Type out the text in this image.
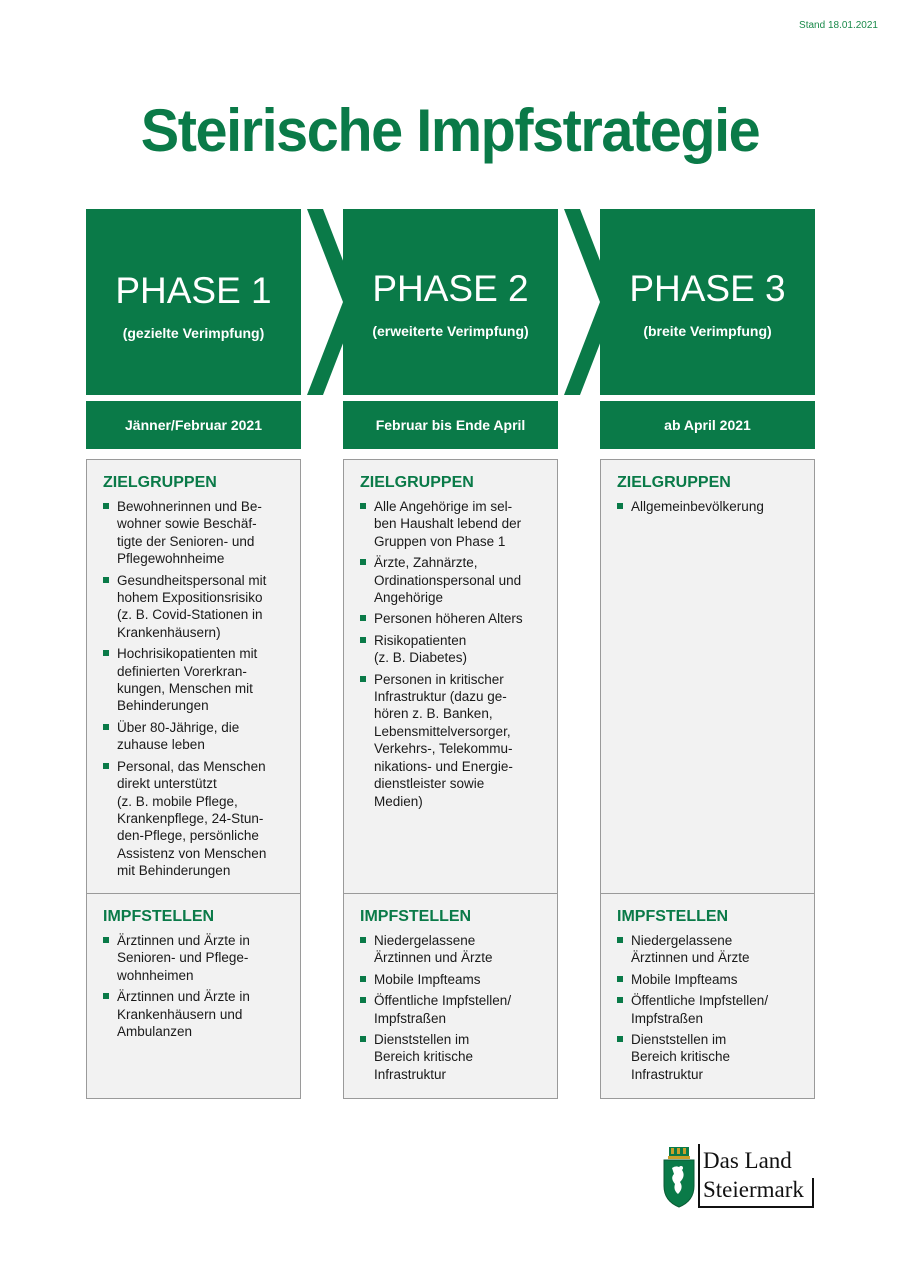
Stand 18.01.2021
Steirische Impfstrategie
PHASE 1
(gezielte Verimpfung)
Jänner/Februar 2021
ZIELGRUPPEN
Bewohnerinnen und Be-
wohner sowie Beschäf-
tigte der Senioren- und
Pflegewohnheime
Gesundheitspersonal mit
hohem Expositionsrisiko
(z. B. Covid-Stationen in
Krankenhäusern)
Hochrisikopatienten mit
definierten Vorerkran-
kungen, Menschen mit
Behinderungen
Über 80-Jährige, die
zuhause leben
Personal, das Menschen
direkt unterstützt
(z. B. mobile Pflege,
Krankenpflege, 24-Stun-
den-Pflege, persönliche
Assistenz von Menschen
mit Behinderungen
IMPFSTELLEN
Ärztinnen und Ärzte in
Senioren- und Pflege-
wohnheimen
Ärztinnen und Ärzte in
Krankenhäusern und
Ambulanzen
PHASE 2
(erweiterte Verimpfung)
Februar bis Ende April
ZIELGRUPPEN
Alle Angehörige im sel-
ben Haushalt lebend der
Gruppen von Phase 1
Ärzte, Zahnärzte,
Ordinationspersonal und
Angehörige
Personen höheren Alters
Risikopatienten
(z. B. Diabetes)
Personen in kritischer
Infrastruktur (dazu ge-
hören z. B. Banken,
Lebensmittelversorger,
Verkehrs-, Telekommu-
nikations- und Energie-
dienstleister sowie
Medien)
IMPFSTELLEN
Niedergelassene
Ärztinnen und Ärzte
Mobile Impfteams
Öffentliche Impfstellen/
Impfstraßen
Dienststellen im
Bereich kritische
Infrastruktur
PHASE 3
(breite Verimpfung)
ab April 2021
ZIELGRUPPEN
Allgemeinbevölkerung
IMPFSTELLEN
Niedergelassene
Ärztinnen und Ärzte
Mobile Impfteams
Öffentliche Impfstellen/
Impfstraßen
Dienststellen im
Bereich kritische
Infrastruktur
Das Land
Steiermark
